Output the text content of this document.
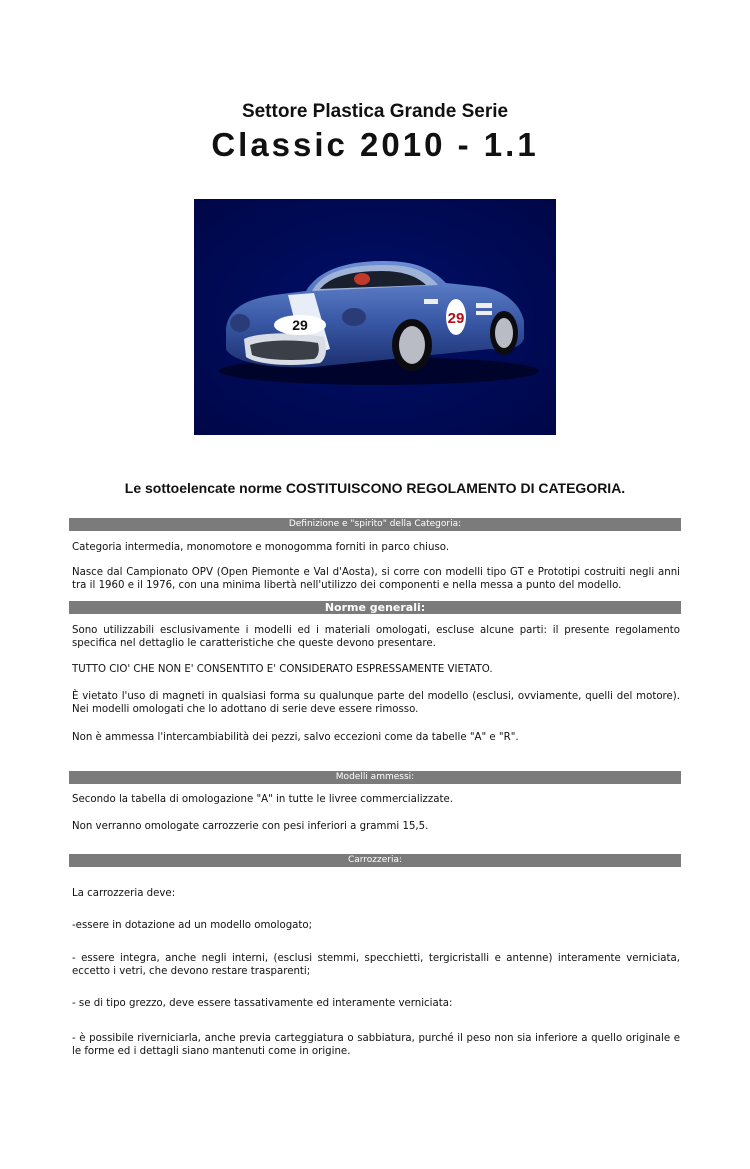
Settore Plastica Grande Serie
Classic 2010 - 1.1
29	29
Le sottoelencate norme COSTITUISCONO REGOLAMENTO DI CATEGORIA.
Definizione e "spirito" della Categoria:
Categoria intermedia, monomotore e monogomma forniti in parco chiuso.
Nasce dal Campionato OPV (Open Piemonte e Val d'Aosta), si corre con modelli tipo GT e Prototipi costruiti negli anni tra il 1960 e il 1976, con una minima libertà nell'utilizzo dei componenti e nella messa a punto del modello.
Norme generali:
Sono utilizzabili esclusivamente i modelli ed i materiali omologati, escluse alcune parti: il presente regolamento specifica nel dettaglio le caratteristiche che queste devono presentare.
TUTTO CIO' CHE NON E' CONSENTITO E' CONSIDERATO ESPRESSAMENTE VIETATO.
È vietato l'uso di magneti in qualsiasi forma su qualunque parte del modello (esclusi, ovviamente, quelli del motore). Nei modelli omologati che lo adottano di serie deve essere rimosso.
Non è ammessa l'intercambiabilità dei pezzi, salvo eccezioni come da tabelle "A" e "R".
Modelli ammessi:
Secondo la tabella di omologazione "A" in tutte le livree commercializzate.
Non verranno omologate carrozzerie con pesi inferiori a grammi 15,5.
Carrozzeria:
La carrozzeria deve:
-essere in dotazione ad un modello omologato;
- essere integra, anche negli interni, (esclusi stemmi, specchietti, tergicristalli e antenne) interamente verniciata, eccetto i vetri, che devono restare trasparenti;
- se di tipo grezzo, deve essere tassativamente ed interamente verniciata:
- è possibile riverniciarla, anche previa carteggiatura o sabbiatura, purché il peso non sia inferiore a quello originale e le forme ed i dettagli siano mantenuti come in origine.
